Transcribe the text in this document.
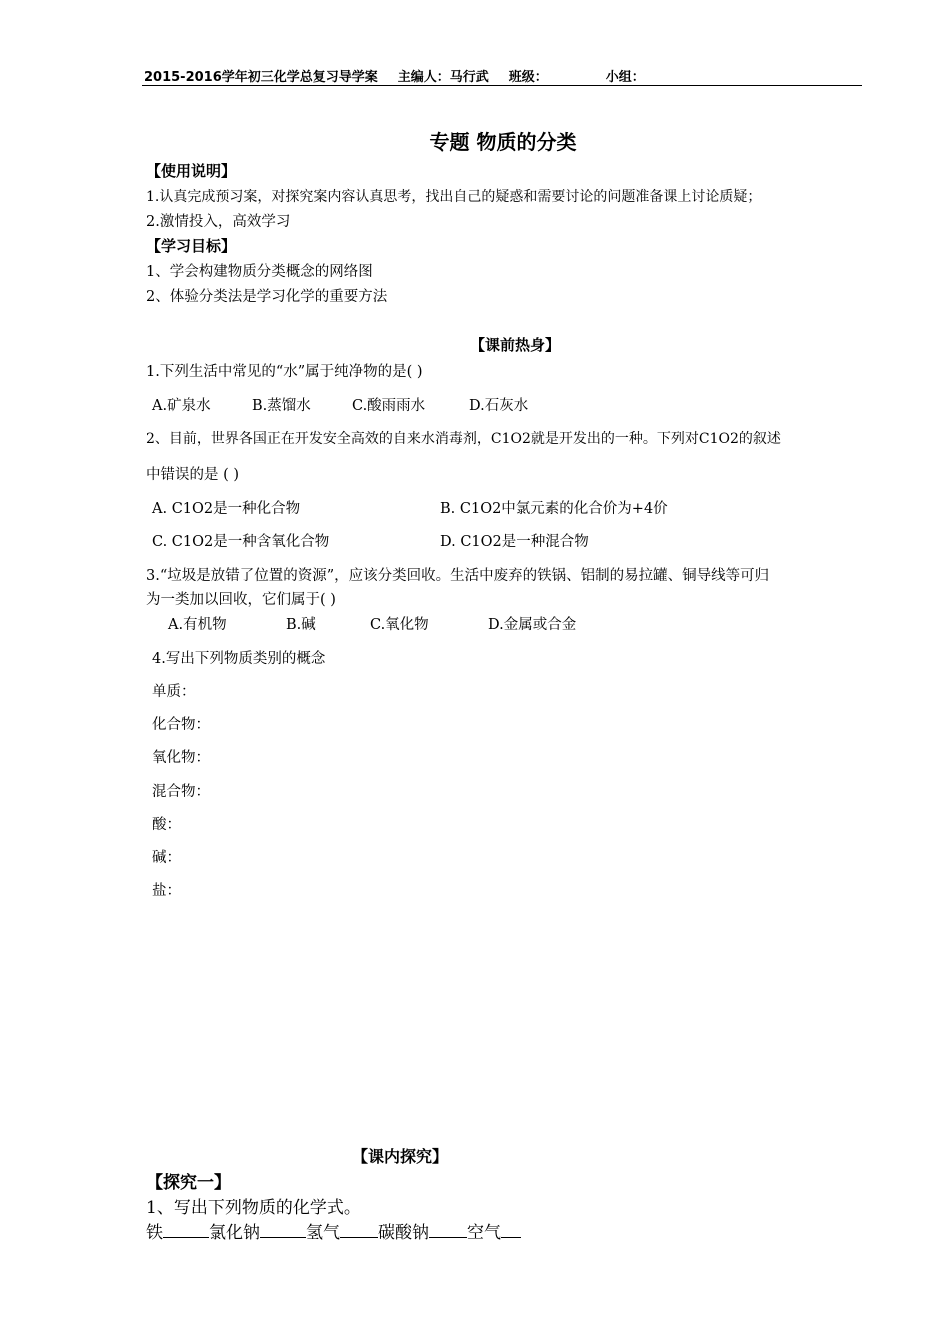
2015-2016学年初三化学总复习导学案 主编人：马行武 班级：	小组：
专题 物质的分类
【使用说明】
1.认真完成预习案，对探究案内容认真思考，找出自己的疑惑和需要讨论的问题准备课上讨论质疑；
2.激情投入，高效学习
【学习目标】
1、学会构建物质分类概念的网络图
2、体验分类法是学习化学的重要方法
【课前热身】
1.下列生活中常见的“水”属于纯净物的是( )
A.矿泉水	B.蒸馏水	C.酸雨雨水	D.石灰水
2、目前，世界各国正在开发安全高效的自来水消毒剂，C1O2就是开发出的一种。下列对C1O2的叙述
中错误的是 ( )
A. C1O2是一种化合物	B. C1O2中氯元素的化合价为+4价
C. C1O2是一种含氧化合物	D. C1O2是一种混合物
3.“垃圾是放错了位置的资源”，应该分类回收。生活中废弃的铁锅、铝制的易拉罐、铜导线等可归
为一类加以回收，它们属于( )
A.有机物	B.碱	C.氧化物	D.金属或合金
4.写出下列物质类别的概念
单质：
化合物：
氧化物：
混合物：
酸：
碱：
盐：
【课内探究】
【探究一】
1、写出下列物质的化学式。
铁	氯化钠	氢气 碳酸钠 空气
